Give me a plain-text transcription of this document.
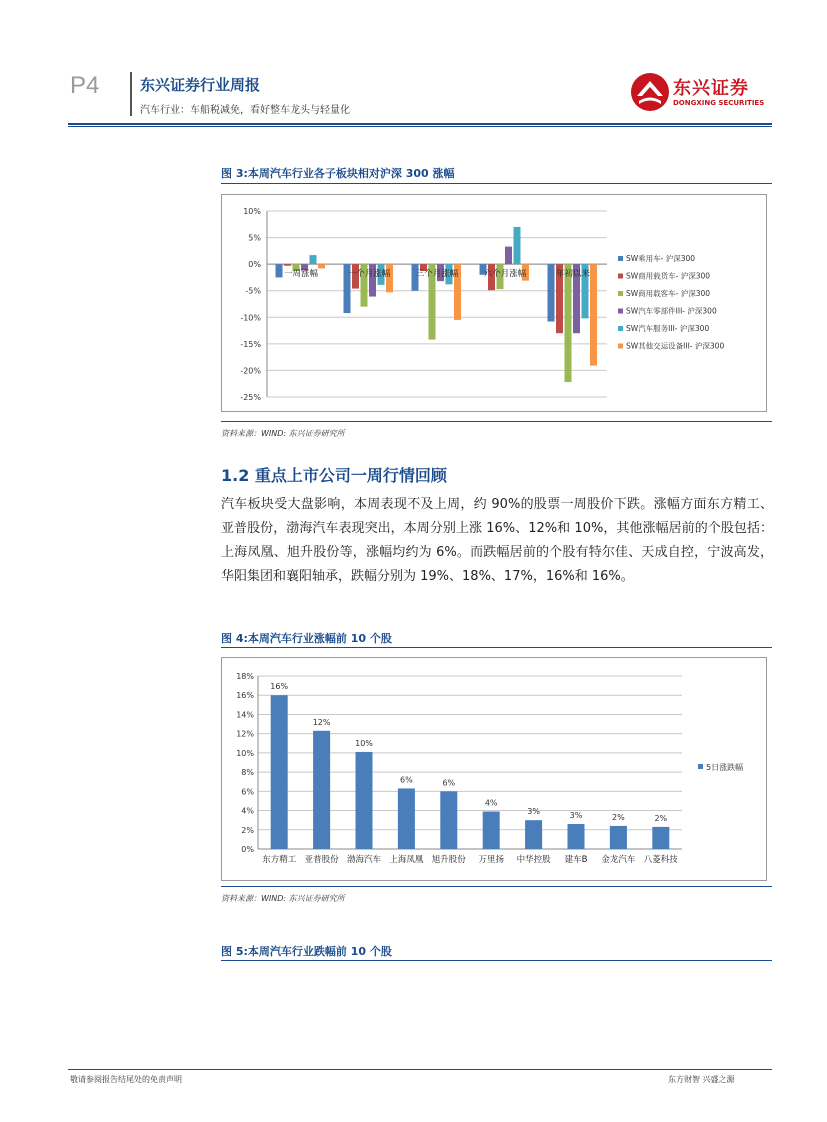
P4	东兴证券行业周报
汽车行业：车船税减免，看好整车龙头与轻量化
东兴证券
DONGXING SECURITIES
图 3:本周汽车行业各子板块相对沪深 300 涨幅
10%
5%
0%
-5%
-10%
-15%
-20%
-25%
一周涨幅	一个月涨幅	三个月涨幅	六个月涨幅	年初以来
SW乘用车- 沪深300
SW商用载货车- 沪深300
SW商用载客车- 沪深300
SW汽车零部件III- 沪深300
SW汽车服务III- 沪深300
SW其他交运设备III- 沪深300
资料来源：WIND: 东兴证券研究所
1.2 重点上市公司一周行情回顾
汽车板块受大盘影响，本周表现不及上周，约 90%的股票一周股价下跌。涨幅方面东方精工、亚普股份，渤海汽车表现突出，本周分别上涨 16%、12%和 10%，其他涨幅居前的个股包括：上海凤凰、旭升股份等，涨幅均约为 6%。而跌幅居前的个股有特尔佳、天成自控，宁波高发，华阳集团和襄阳轴承，跌幅分别为 19%、18%、17%，16%和 16%。
图 4:本周汽车行业涨幅前 10 个股
18%
16%
14%
12%
10%
8%
6%
4%
2%
0%
16%
东方精工
12%
亚普股份
10%
渤海汽车
6%
上海凤凰
6%
旭升股份
4%
万里扬
3%
中华控股
3%
建车B
2%
金龙汽车
2%
八菱科技
5日涨跌幅
资料来源：WIND: 东兴证券研究所
图 5:本周汽车行业跌幅前 10 个股
敬请参阅报告结尾处的免责声明	东方财智 兴盛之源
